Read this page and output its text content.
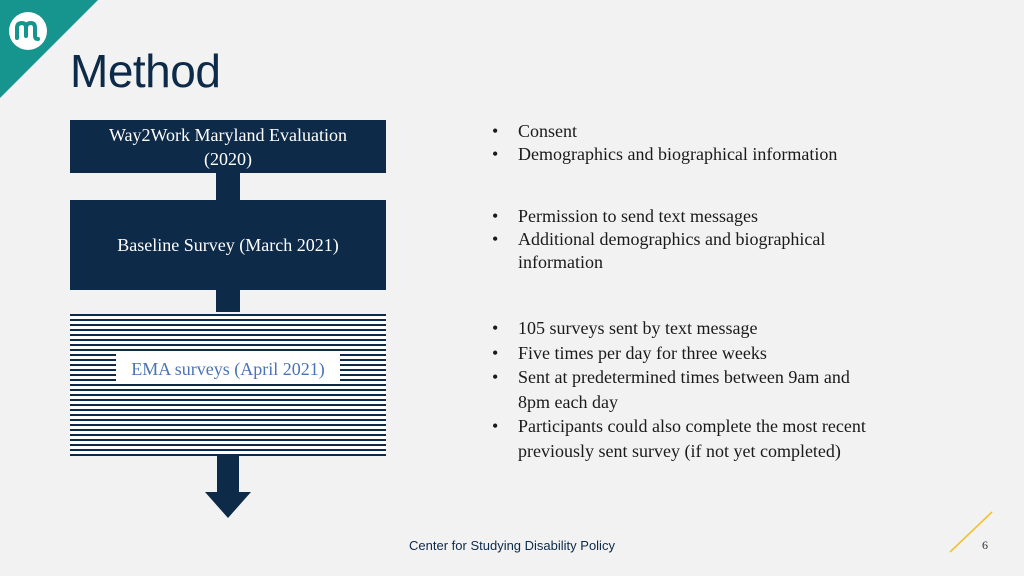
Method
Way2Work Maryland Evaluation (2020)
Baseline Survey (March 2021)
EMA surveys (April 2021)
• Consent
• Demographics and biographical information
• Permission to send text messages
• Additional demographics and biographical information
• 105 surveys sent by text message
• Five times per day for three weeks
• Sent at predetermined times between 9am and 8pm each day
• Participants could also complete the most recent previously sent survey (if not yet completed)
Center for Studying Disability Policy	6
